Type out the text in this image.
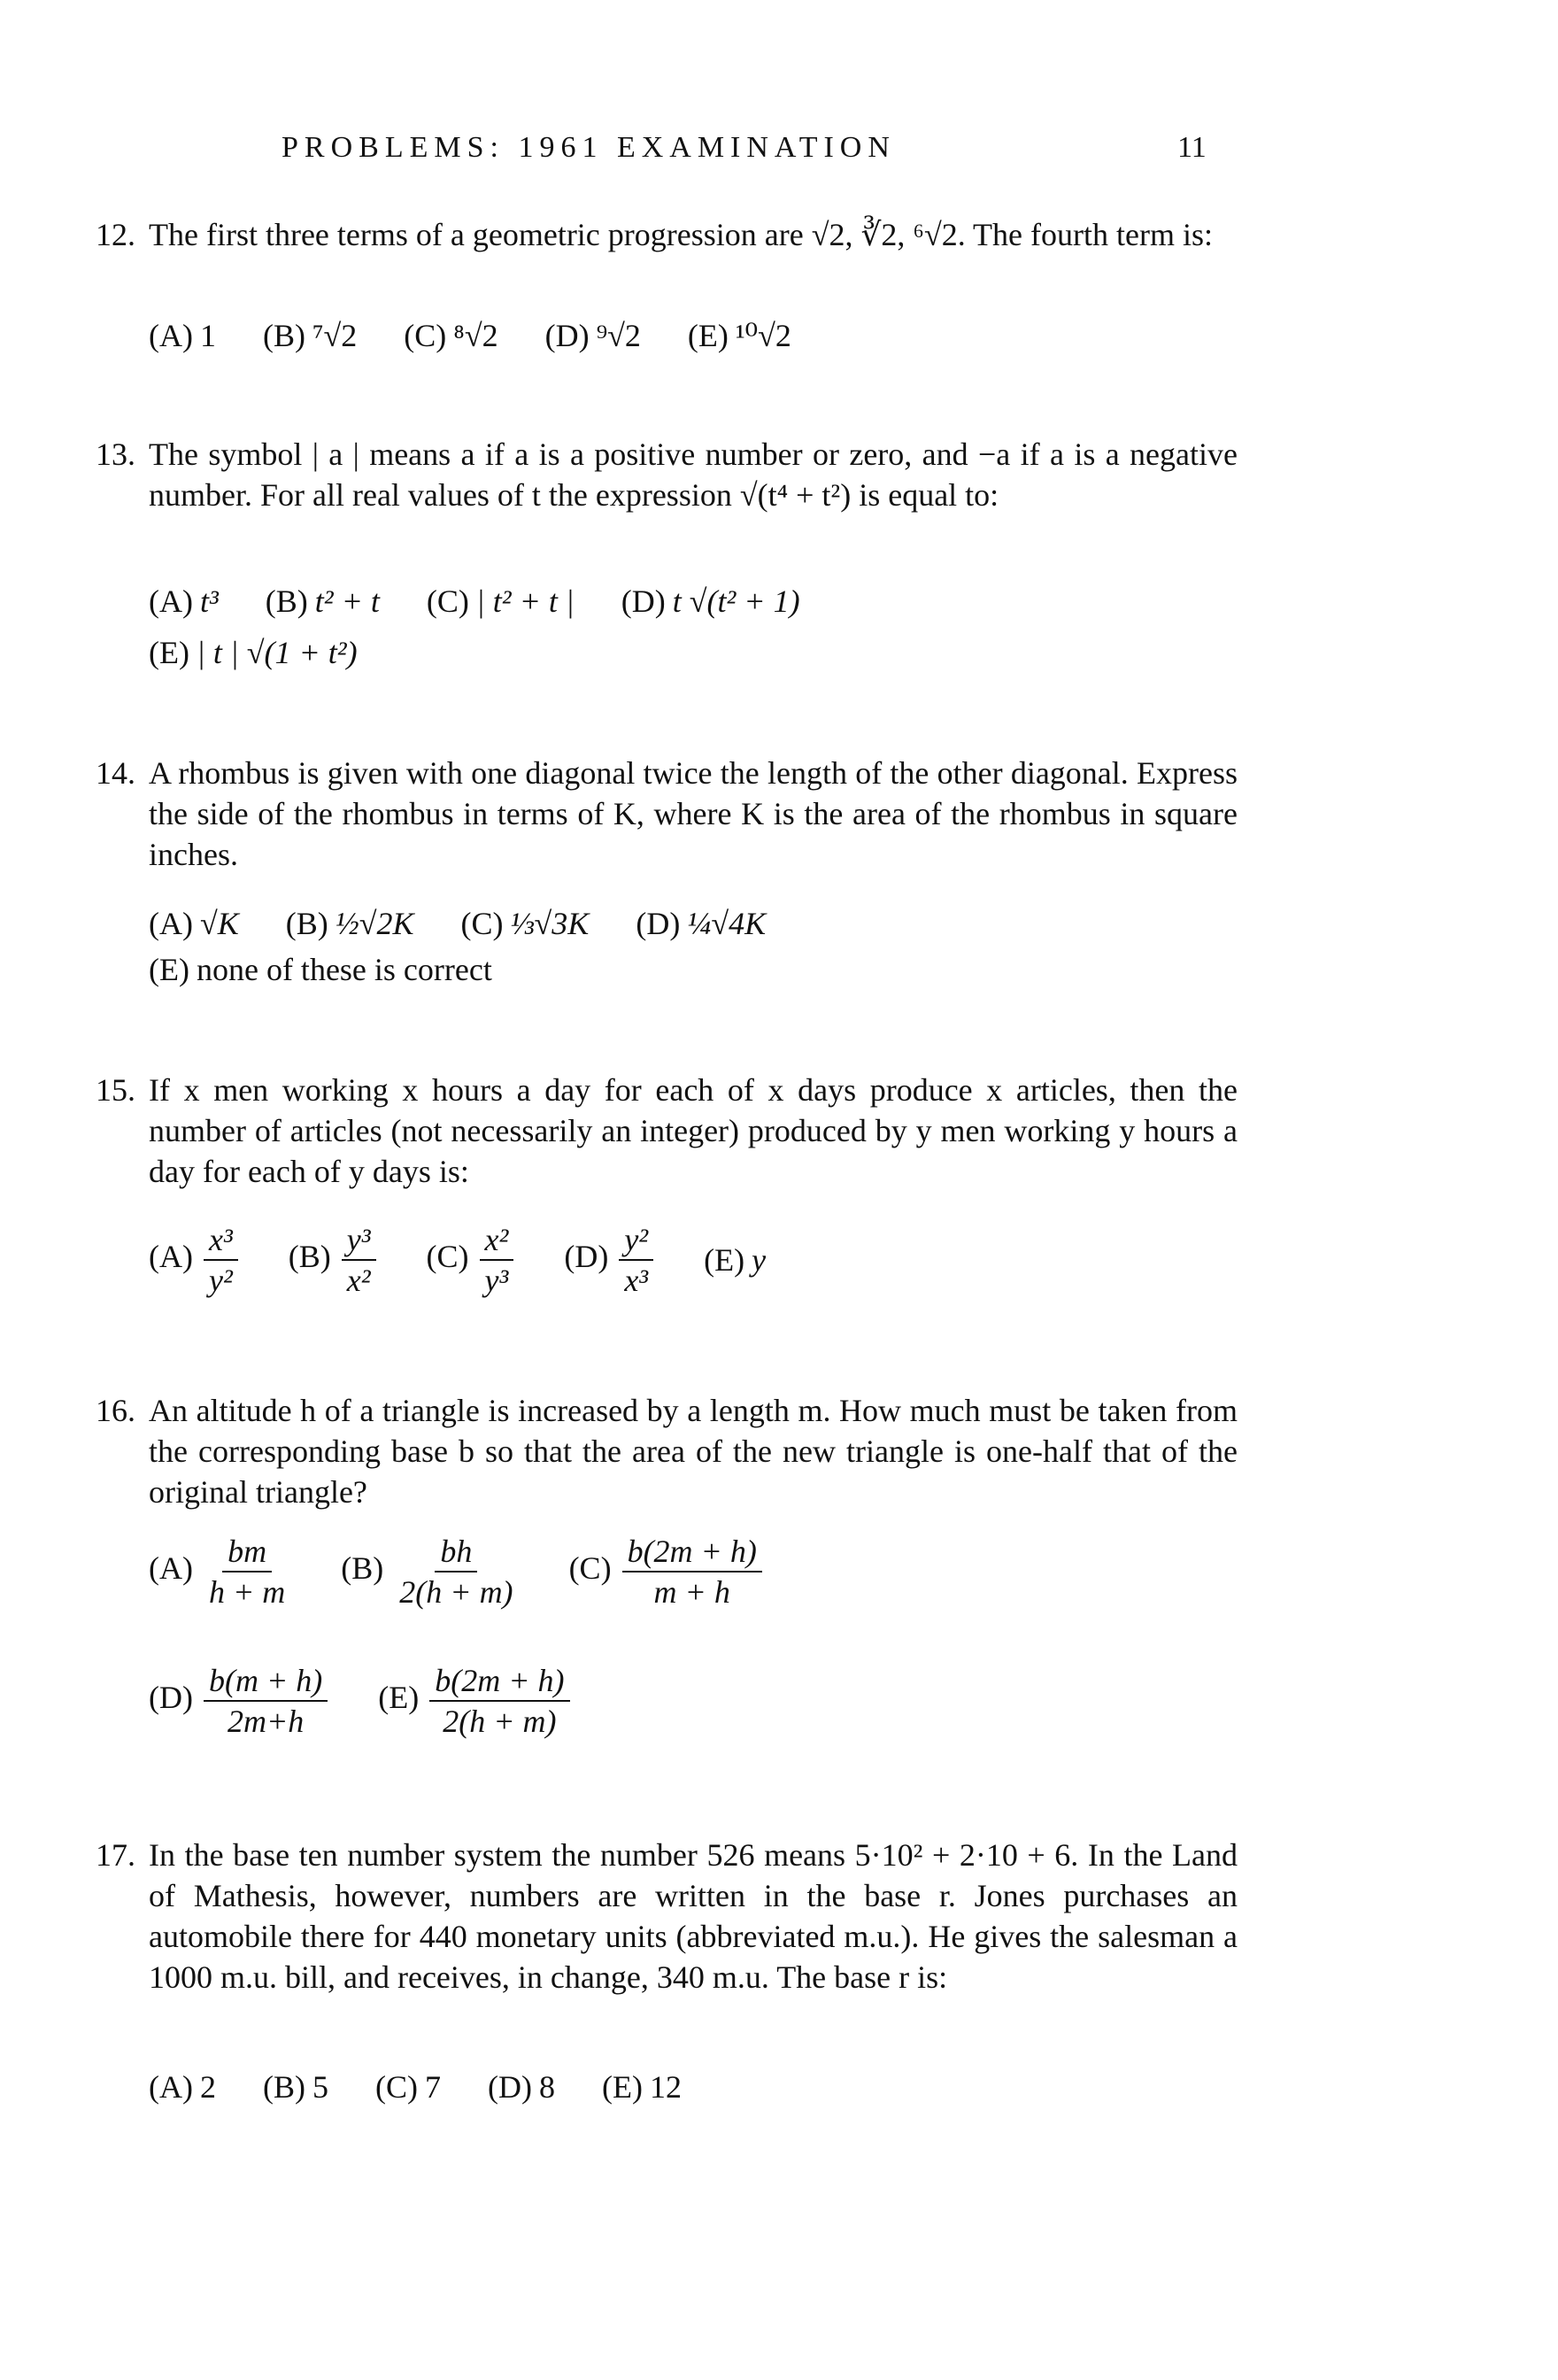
PROBLEMS: 1961 EXAMINATION	11
12. The first three terms of a geometric progression are √2, ∛2, ⁶√2. The fourth term is:

(A) 1 (B) ⁷√2 (C) ⁸√2 (D) ⁹√2 (E) ¹⁰√2
13. The symbol | a | means a if a is a positive number or zero, and −a if a is a negative number. For all real values of t the expression √(t⁴ + t²) is equal to:

(A) t³ (B) t² + t (C) | t² + t | (D) t √(t² + 1)
(E) | t | √(1 + t²)
14. A rhombus is given with one diagonal twice the length of the other diagonal. Express the side of the rhombus in terms of K, where K is the area of the rhombus in square inches.

(A) √K (B) ½√2K (C) ⅓√3K (D) ¼√4K
(E) none of these is correct
15. If x men working x hours a day for each of x days produce x articles, then the number of articles (not necessarily an integer) produced by y men working y hours a day for each of y days is:

$(A) \frac{\text{x³}}{\text{y²}} (B) \frac{\text{y³}}{\text{x²}} (C) \frac{\text{x²}}{\text{y³}} (D) \frac{\text{y²}}{\text{x³}} (E)$ y
16. An altitude h of a triangle is increased by a length m. How much must be taken from the corresponding base b so that the area of the new triangle is one-half that of the original triangle?

$(A) \frac{bm}{h + m} (B) \frac{bh}{2(h + m)} (C) \frac{b(2m + h)}{m + h}$
$(D) \frac{b(m + h)}{2m+h} (E) \frac{b(2m + h)}{2(h + m)}$
17. In the base ten number system the number 526 means 5·10² + 2·10 + 6. In the Land of Mathesis, however, numbers are written in the base r. Jones purchases an automobile there for 440 monetary units (abbreviated m.u.). He gives the salesman a 1000 m.u. bill, and receives, in change, 340 m.u. The base r is:

(A) 2 (B) 5 (C) 7 (D) 8 (E) 12
